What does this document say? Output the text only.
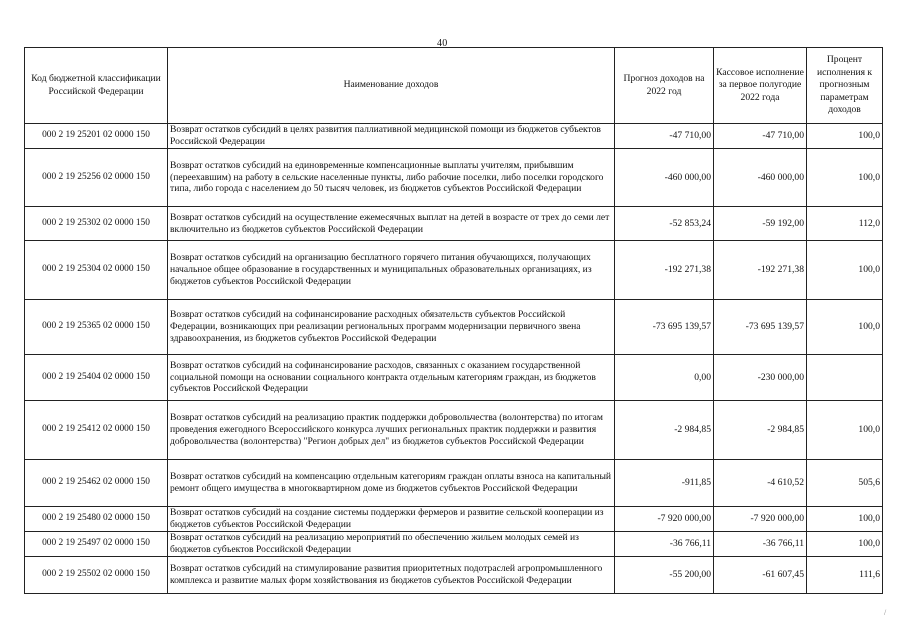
40
Код бюджетной классификации Российской Федерации	Наименование доходов	Прогноз доходов на 2022 год	Кассовое исполнение за первое полугодие 2022 года	Процент исполнения к прогнозным параметрам доходов
000 2 19 25201 02 0000 150	Возврат остатков субсидий в целях развития паллиативной медицинской помощи из бюджетов субъектов Российской Федерации	-47 710,00	-47 710,00	100,0
000 2 19 25256 02 0000 150	Возврат остатков субсидий на единовременные компенсационные выплаты учителям, прибывшим (переехавшим) на работу в сельские населенные пункты, либо рабочие поселки, либо поселки городского типа, либо города с населением до 50 тысяч человек, из бюджетов субъектов Российской Федерации	-460 000,00	-460 000,00	100,0
000 2 19 25302 02 0000 150	Возврат остатков субсидий на осуществление ежемесячных выплат на детей в возрасте от трех до семи лет включительно из бюджетов субъектов Российской Федерации	-52 853,24	-59 192,00	112,0
000 2 19 25304 02 0000 150	Возврат остатков субсидий на организацию бесплатного горячего питания обучающихся, получающих начальное общее образование в государственных и муниципальных образовательных организациях, из бюджетов субъектов Российской Федерации	-192 271,38	-192 271,38	100,0
000 2 19 25365 02 0000 150	Возврат остатков субсидий на софинансирование расходных обязательств субъектов Российской Федерации, возникающих при реализации региональных программ модернизации первичного звена здравоохранения, из бюджетов субъектов Российской Федерации	-73 695 139,57	-73 695 139,57	100,0
000 2 19 25404 02 0000 150	Возврат остатков субсидий на софинансирование расходов, связанных с оказанием государственной социальной помощи на основании социального контракта отдельным категориям граждан, из бюджетов субъектов Российской Федерации	0,00	-230 000,00	
000 2 19 25412 02 0000 150	Возврат остатков субсидий на реализацию практик поддержки добровольчества (волонтерства) по итогам проведения ежегодного Всероссийского конкурса лучших региональных практик поддержки и развития добровольчества (волонтерства) "Регион добрых дел" из бюджетов субъектов Российской Федерации	-2 984,85	-2 984,85	100,0
000 2 19 25462 02 0000 150	Возврат остатков субсидий на компенсацию отдельным категориям граждан оплаты взноса на капитальный ремонт общего имущества в многоквартирном доме из бюджетов субъектов Российской Федерации	-911,85	-4 610,52	505,6
000 2 19 25480 02 0000 150	Возврат остатков субсидий на создание системы поддержки фермеров и развитие сельской кооперации из бюджетов субъектов Российской Федерации	-7 920 000,00	-7 920 000,00	100,0
000 2 19 25497 02 0000 150	Возврат остатков субсидий на реализацию мероприятий по обеспечению жильем молодых семей из бюджетов субъектов Российской Федерации	-36 766,11	-36 766,11	100,0
000 2 19 25502 02 0000 150	Возврат остатков субсидий на стимулирование развития приоритетных подотраслей агропромышленного комплекса и развитие малых форм хозяйствования из бюджетов субъектов Российской Федерации	-55 200,00	-61 607,45	111,6
/
